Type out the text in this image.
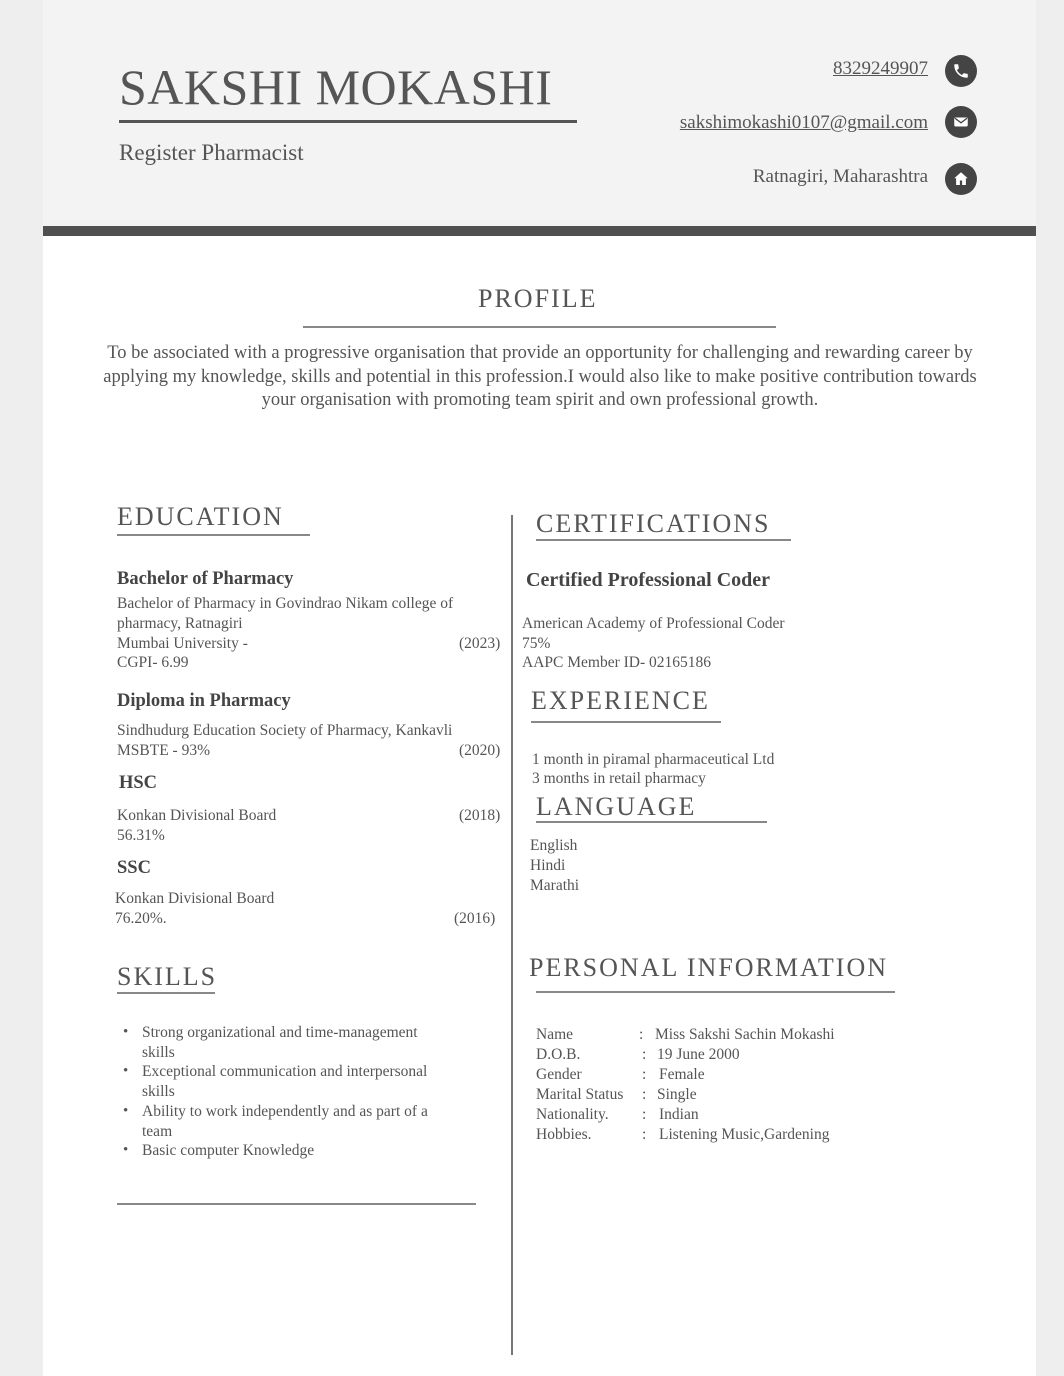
SAKSHI MOKASHI
Register Pharmacist
8329249907
sakshimokashi0107@gmail.com
Ratnagiri, Maharashtra
PROFILE
To be associated with a progressive organisation that provide an opportunity for challenging and rewarding career by applying my knowledge, skills and potential in this profession.I would also like to make positive contribution towards your organisation with promoting team spirit and own professional growth.
EDUCATION
Bachelor of Pharmacy
Bachelor of Pharmacy in Govindrao Nikam college of
pharmacy, Ratnagiri
Mumbai University -	(2023)
CGPI- 6.99
Diploma in Pharmacy
Sindhudurg Education Society of Pharmacy, Kankavli
MSBTE - 93%	(2020)
HSC
Konkan Divisional Board	(2018)
56.31%
SSC
Konkan Divisional Board
76.20%.	(2016)
SKILLS
• Strong organizational and time-management skills
• Exceptional communication and interpersonal skills
• Ability to work independently and as part of a team
• Basic computer Knowledge
CERTIFICATIONS
Certified Professional Coder
American Academy of Professional Coder
75%
AAPC Member ID- 02165186
EXPERIENCE
1 month in piramal pharmaceutical Ltd
3 months in retail pharmacy
LANGUAGE
English
Hindi
Marathi
PERSONAL INFORMATION
Name	: Miss Sakshi Sachin Mokashi
D.O.B.	: 19 June 2000
Gender	: Female
Marital Status : Single
Nationality. : Indian
Hobbies.	: Listening Music,Gardening
